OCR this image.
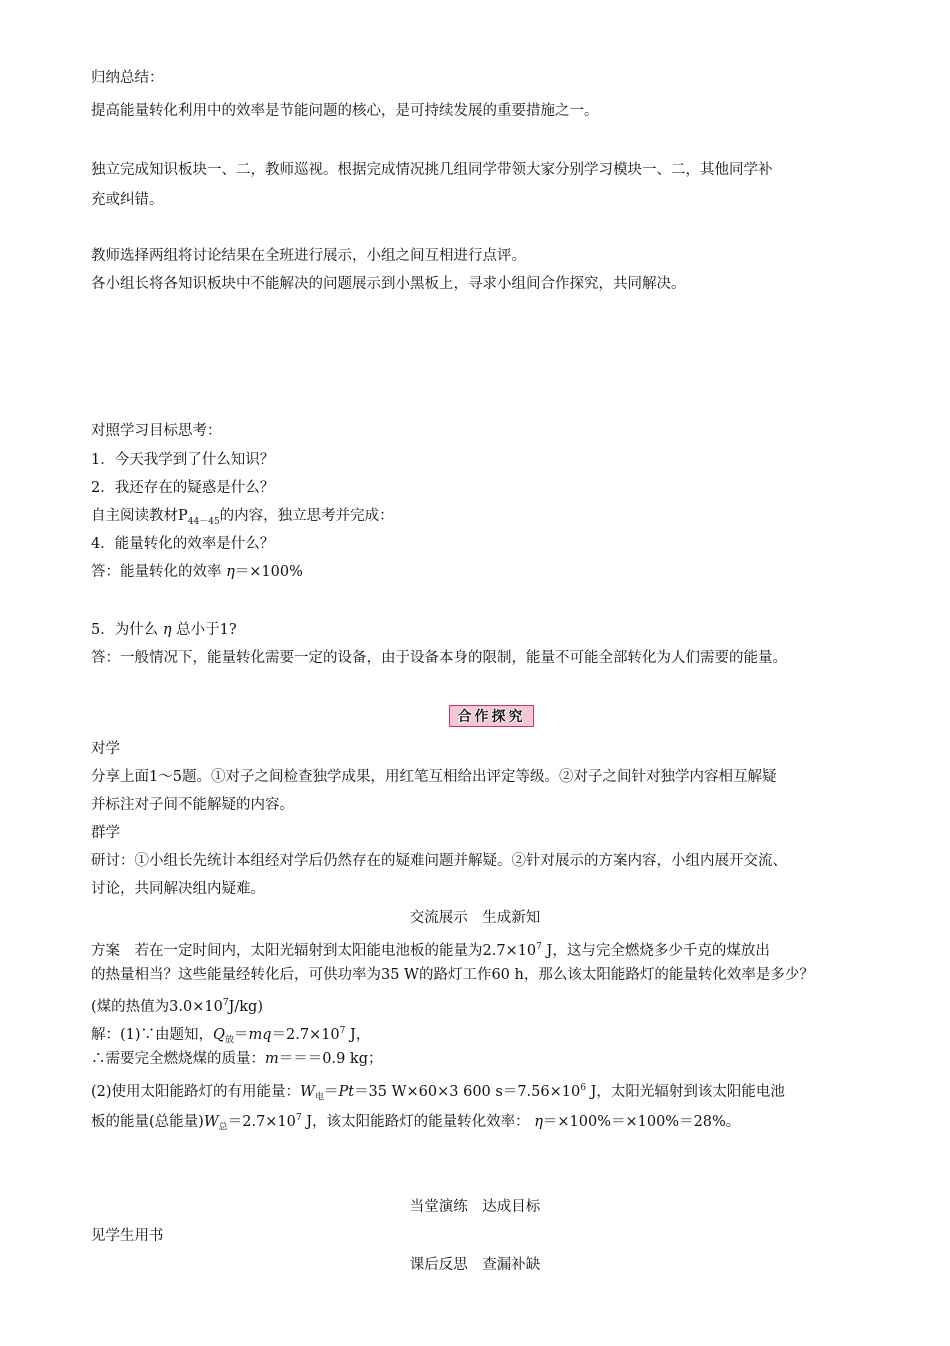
归纳总结：
提高能量转化利用中的效率是节能问题的核心，是可持续发展的重要措施之一。
独立完成知识板块一、二，教师巡视。根据完成情况挑几组同学带领大家分别学习模块一、二，其他同学补
充或纠错。
教师选择两组将讨论结果在全班进行展示，小组之间互相进行点评。
各小组长将各知识板块中不能解决的问题展示到小黑板上，寻求小组间合作探究，共同解决。
对照学习目标思考：
1．今天我学到了什么知识？
2．我还存在的疑惑是什么？
自主阅读教材$P_{44-45}$的内容，独立思考并完成：
4．能量转化的效率是什么？
答：能量转化的效率 η＝×100%
5．为什么 η 总小于1?
答：一般情况下，能量转化需要一定的设备，由于设备本身的限制，能量不可能全部转化为人们需要的能量。
合作探究
对学
分享上面1～5题。①对子之间检查独学成果，用红笔互相给出评定等级。②对子之间针对独学内容相互解疑
并标注对子间不能解疑的内容。
群学
研讨：①小组长先统计本组经对学后仍然存在的疑难问题并解疑。②针对展示的方案内容，小组内展开交流、
讨论，共同解决组内疑难。
交流展示　生成新知
方案　若在一定时间内，太阳光辐射到太阳能电池板的能量为$2.7\times 10^7$ J，这与完全燃烧多少千克的煤放出
的热量相当？这些能量经转化后，可供功率为35 W的路灯工作60 h，那么该太阳能路灯的能量转化效率是多少？
(煤的热值为$3.0\times 10^7J/kg$)
解：(1)∵由题知，$Q_放=mq=2.7\times 10^7$ J，
∴需要完全燃烧煤的质量：m＝＝＝0.9 kg；
(2)使用太阳能路灯的有用能量：$W_电=Pt=35$ W×60×3 600 $s=7.56\times 10^6$ J，太阳光辐射到该太阳能电池
板的能量(总能量)$W_总=2.7\times 10^7$ J，该太阳能路灯的能量转化效率： η＝×100%＝×100%＝28%。
当堂演练　达成目标
见学生用书
课后反思　查漏补缺
